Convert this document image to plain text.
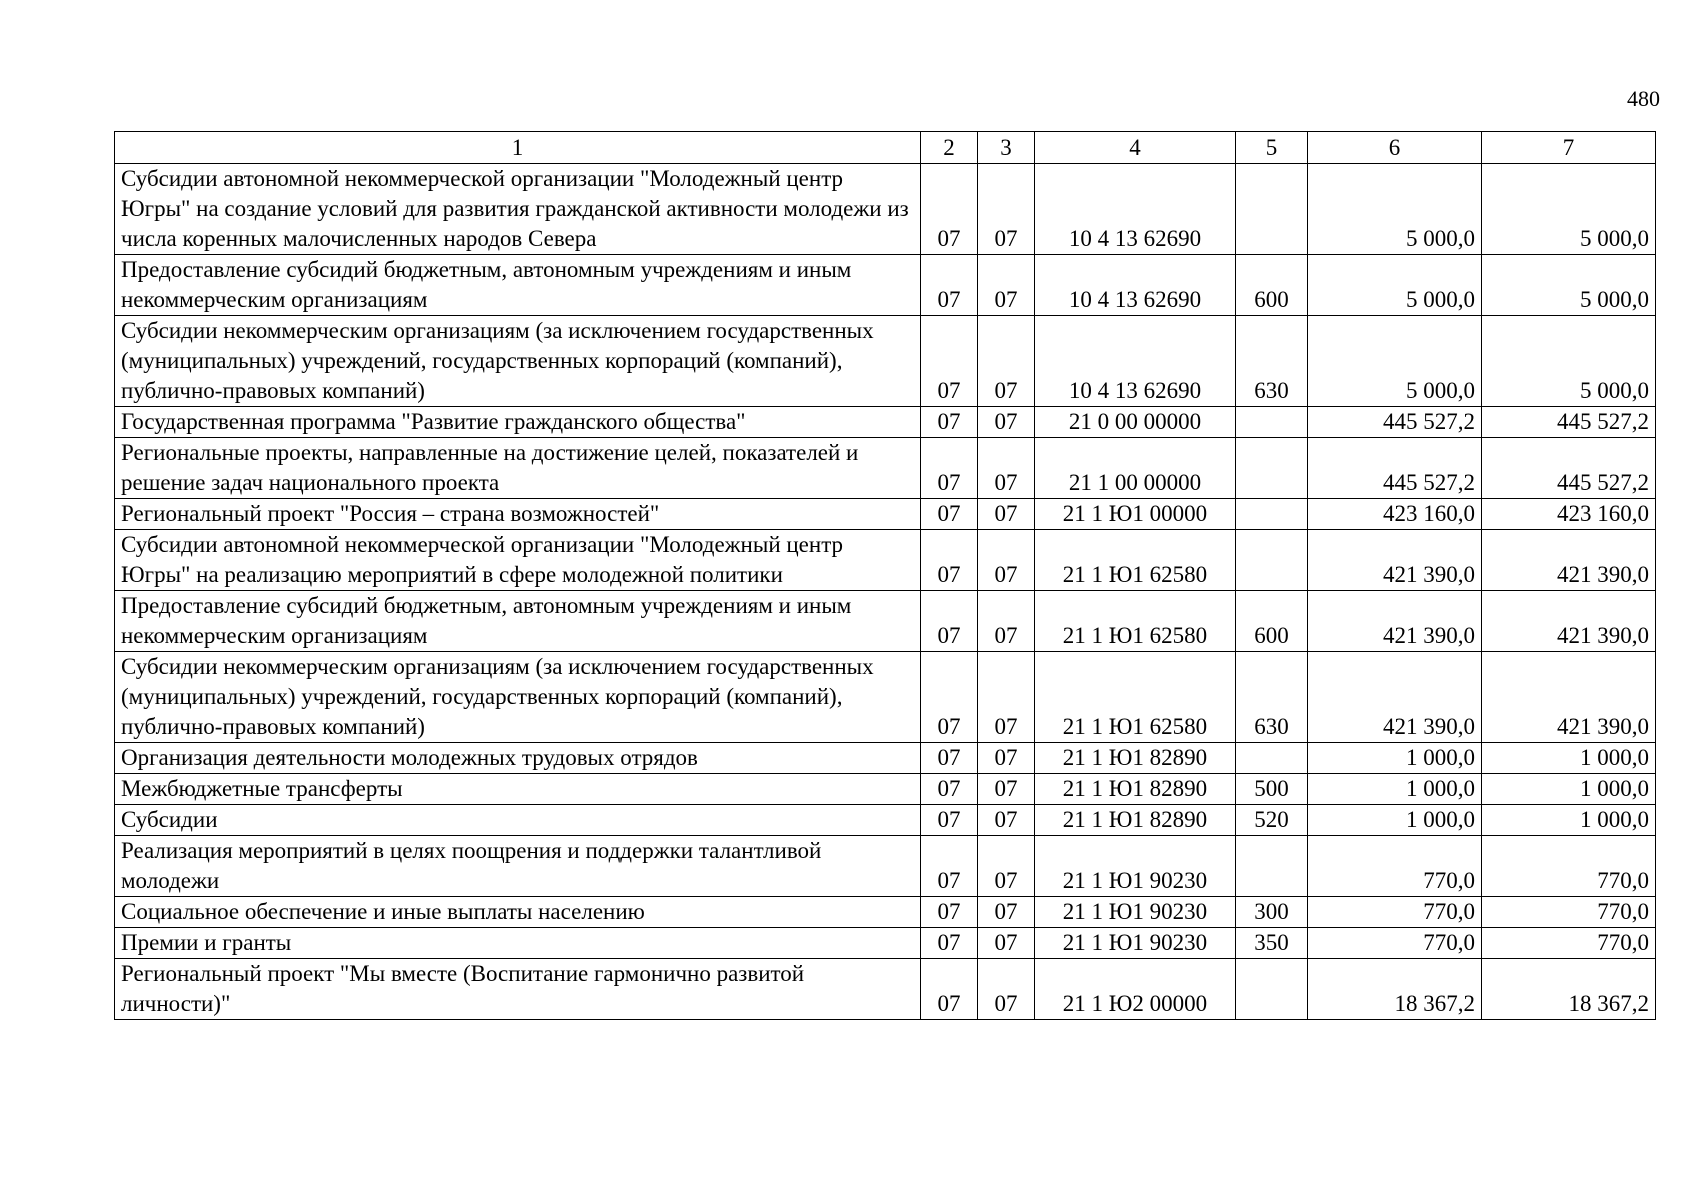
480
1	2	3	4	5	6	7
Субсидии автономной некоммерческой организации "Молодежный центр Югры" на создание условий для развития гражданской активности молодежи из числа коренных малочисленных народов Севера	07	07	10 4 13 62690		5 000,0	5 000,0
Предоставление субсидий бюджетным, автономным учреждениям и иным некоммерческим организациям	07	07	10 4 13 62690	600	5 000,0	5 000,0
Субсидии некоммерческим организациям (за исключением государственных (муниципальных) учреждений, государственных корпораций (компаний), публично-правовых компаний)	07	07	10 4 13 62690	630	5 000,0	5 000,0
Государственная программа "Развитие гражданского общества"	07	07	21 0 00 00000		445 527,2	445 527,2
Региональные проекты, направленные на достижение целей, показателей и решение задач национального проекта	07	07	21 1 00 00000		445 527,2	445 527,2
Региональный проект "Россия – страна возможностей"	07	07	21 1 Ю1 00000		423 160,0	423 160,0
Субсидии автономной некоммерческой организации "Молодежный центр Югры" на реализацию мероприятий в сфере молодежной политики	07	07	21 1 Ю1 62580		421 390,0	421 390,0
Предоставление субсидий бюджетным, автономным учреждениям и иным некоммерческим организациям	07	07	21 1 Ю1 62580	600	421 390,0	421 390,0
Субсидии некоммерческим организациям (за исключением государственных (муниципальных) учреждений, государственных корпораций (компаний), публично-правовых компаний)	07	07	21 1 Ю1 62580	630	421 390,0	421 390,0
Организация деятельности молодежных трудовых отрядов	07	07	21 1 Ю1 82890		1 000,0	1 000,0
Межбюджетные трансферты	07	07	21 1 Ю1 82890	500	1 000,0	1 000,0
Субсидии	07	07	21 1 Ю1 82890	520	1 000,0	1 000,0
Реализация мероприятий в целях поощрения и поддержки талантливой молодежи	07	07	21 1 Ю1 90230		770,0	770,0
Социальное обеспечение и иные выплаты населению	07	07	21 1 Ю1 90230	300	770,0	770,0
Премии и гранты	07	07	21 1 Ю1 90230	350	770,0	770,0
Региональный проект "Мы вместе (Воспитание гармонично развитой личности)"	07	07	21 1 Ю2 00000		18 367,2	18 367,2
